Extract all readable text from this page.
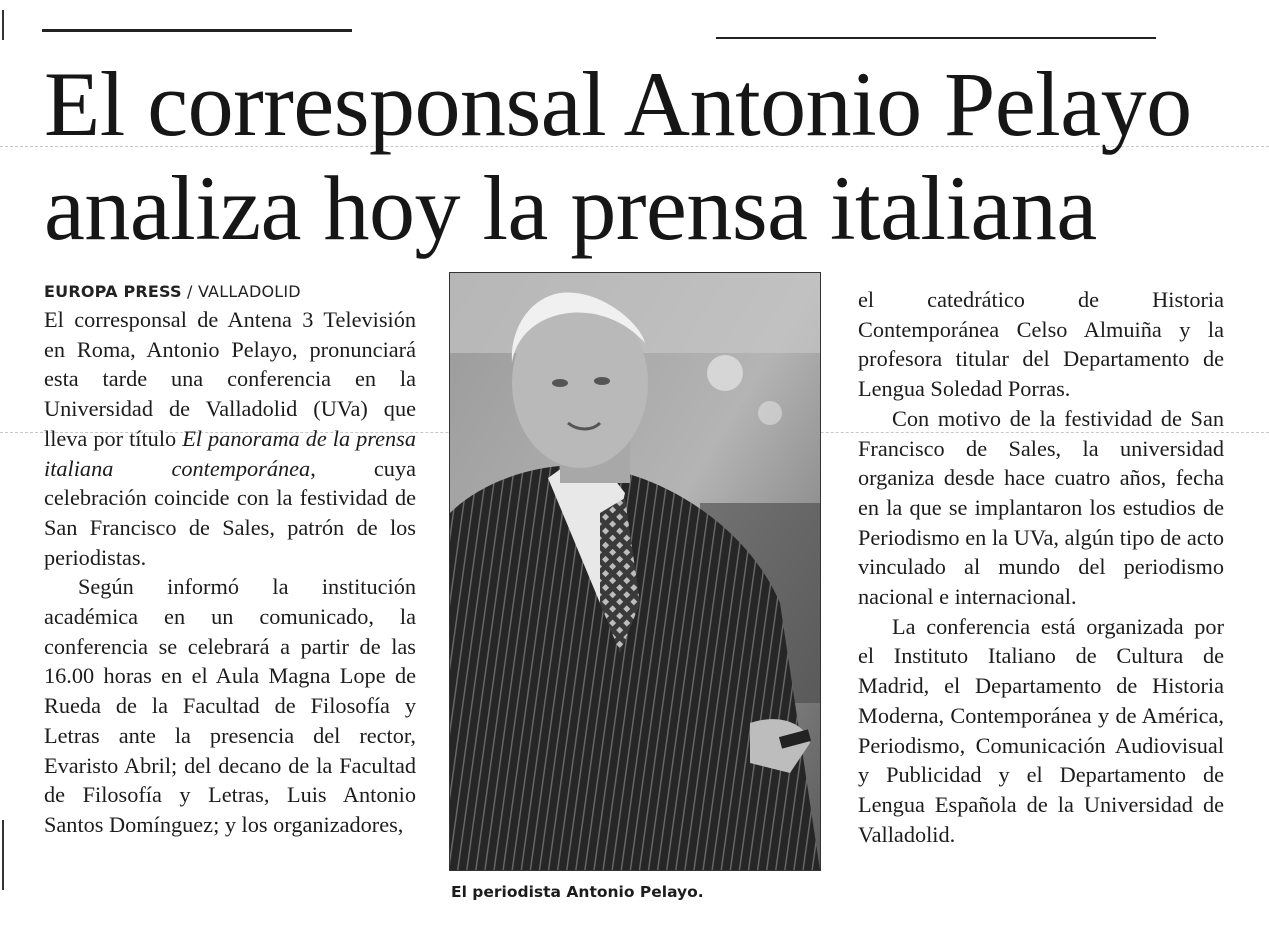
El corresponsal Antonio Pelayo
analiza hoy la prensa italiana
EUROPA PRESS / VALLADOLID

El corresponsal de Antena 3 Televisión en Roma, Antonio Pelayo, pronunciará esta tarde una conferencia en la Universidad de Valladolid (UVa) que lleva por título El panorama de la prensa italiana contemporánea, cuya celebración coincide con la festividad de San Francisco de Sales, patrón de los periodistas.

Según informó la institución académica en un comunicado, la conferencia se celebrará a partir de las 16.00 horas en el Aula Magna Lope de Rueda de la Facultad de Filosofía y Letras ante la presencia del rector, Evaristo Abril; del decano de la Facultad de Filosofía y Letras, Luis Antonio Santos Domínguez; y los organizadores,

El periodista Antonio Pelayo.

el catedrático de Historia Contemporánea Celso Almuiña y la profesora titular del Departamento de Lengua Soledad Porras.

Con motivo de la festividad de San Francisco de Sales, la universidad organiza desde hace cuatro años, fecha en la que se implantaron los estudios de Periodismo en la UVa, algún tipo de acto vinculado al mundo del periodismo nacional e internacional.

La conferencia está organizada por el Instituto Italiano de Cultura de Madrid, el Departamento de Historia Moderna, Contemporánea y de América, Periodismo, Comunicación Audiovisual y Publicidad y el Departamento de Lengua Española de la Universidad de Valladolid.
